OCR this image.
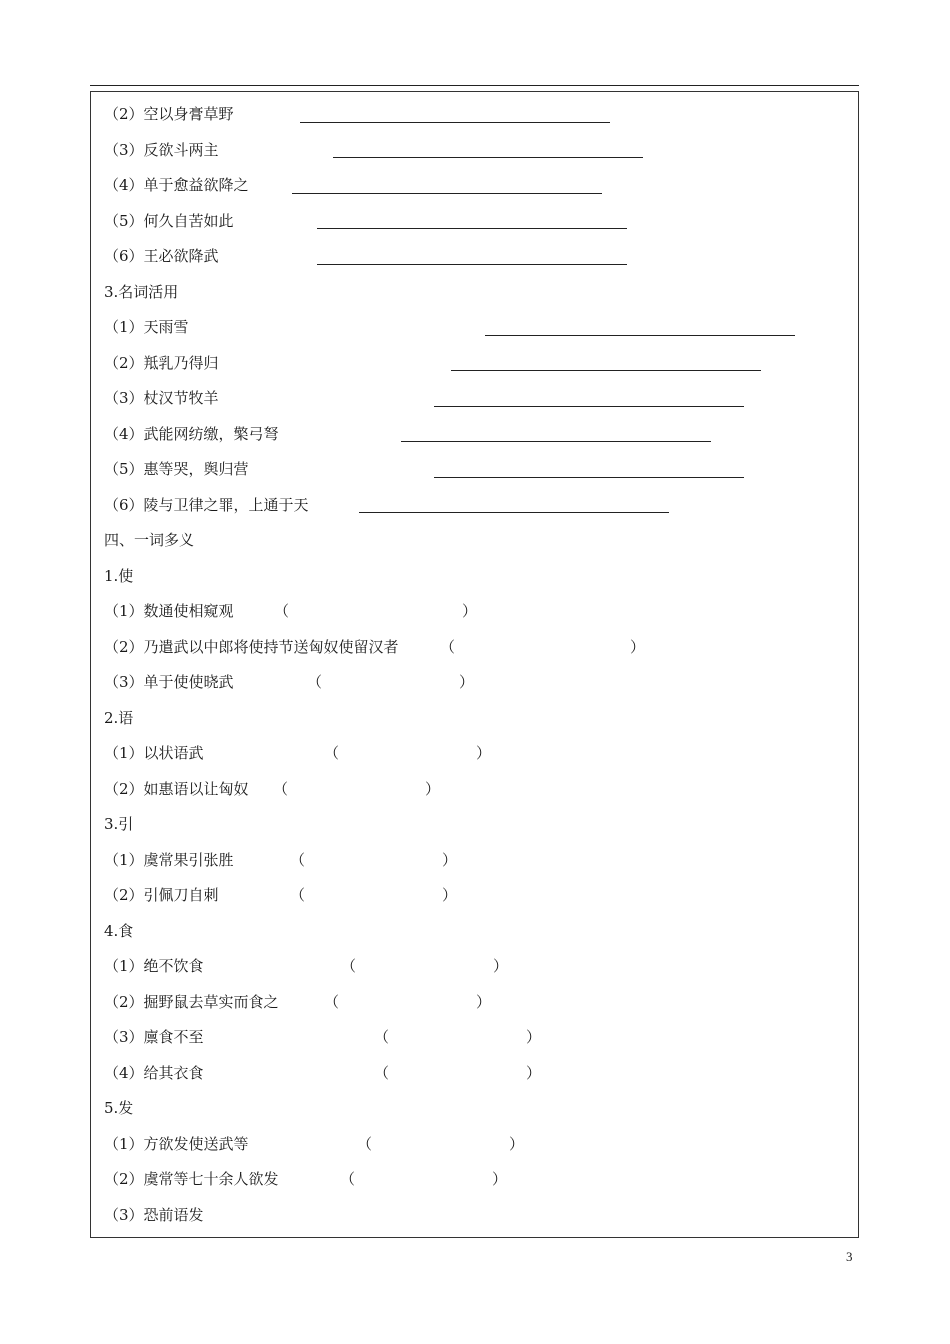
（2）空以身膏草野
（3）反欲斗两主
（4）单于愈益欲降之
（5）何久自苦如此
（6）王必欲降武
3.名词活用
（1）天雨雪
（2）羝乳乃得归
（3）杖汉节牧羊
（4）武能网纺缴，檠弓弩
（5）惠等哭，舆归营
（6）陵与卫律之罪，上通于天
四、一词多义
1.使
（1）数通使相窥观	（	）
（2）乃遣武以中郎将使持节送匈奴使留汉者	（	）
（3）单于使使晓武	（	）
2.语
（1）以状语武	（	）
（2）如惠语以让匈奴 （	）
3.引
（1）虞常果引张胜	（	）
（2）引佩刀自刺	（	）
4.食
（1）绝不饮食	（	）
（2）掘野鼠去草实而食之	（	）
（3）廪食不至	（	）
（4）给其衣食	（	）
5.发
（1）方欲发使送武等	（	）
（2）虞常等七十余人欲发	（	）
（3）恐前语发
3
